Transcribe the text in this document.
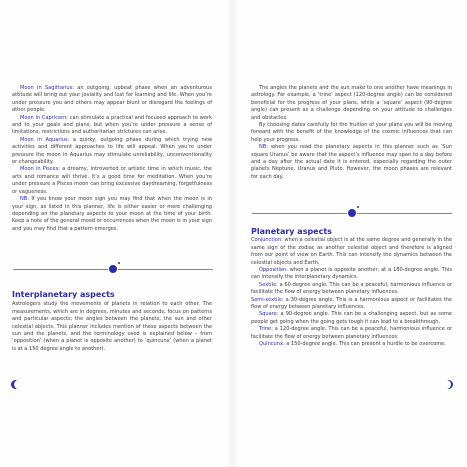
Moon in Sagittarius: an outgoing, upbeat phase when an adventurous attitude will bring out your joviality and lust for learning and life. When you’re under pressure you and others may appear blunt or disregard the feelings of other people.

Moon in Capricorn: can stimulate a practical and focused approach to work and to your goals and plans, but when you’re under pressure a sense of limitations, restrictions and authoritarian strictures can arise.

Moon in Aquarius: a quirky, outgoing phase during which trying new activities and different approaches to life will appeal. When you’re under pressure the moon in Aquarius may stimulate unreliability, unconventionality or changeability.

Moon in Pisces: a dreamy, introverted or artistic time in which music, the arts and romance will thrive. It’s a good time for meditation. When you’re under pressure a Pisces moon can bring excessive daydreaming, forgetfulness or vagueness.

NB: If you know your moon sign you may find that when the moon is in your sign, as listed in this planner, life is either easier or more challenging depending on the planetary aspects to your moon at the time of your birth. Keep a note of the general mood or occurrences when the moon is in your sign and you may find that a pattern emerges.

Interplanetary aspects

Astrologers study the movements of planets in relation to each other. The measurements, which are in degrees, minutes and seconds, focus on patterns and particular aspects; the angles between the planets, the sun and other celestial objects. This planner includes mention of these aspects between the sun and the planets, and the terminology used is explained below – from ‘opposition’ (when a planet is opposite another) to ‘quincunx’ (when a planet is at a 150 degree angle to another).

The angles the planets and the sun make to one another have meanings in astrology. For example, a ‘trine’ aspect (120-degree angle) can be considered beneficial for the progress of your plans, while a ‘square’ aspect (90-degree angle) can present as a challenge depending on your attitude to challenges and obstacles.

By choosing dates carefully for the fruition of your plans you will be moving forward with the benefit of the knowledge of the cosmic influences that can help your progress.

NB: when you read the planetary aspects in this planner such as ‘Sun square Uranus’ be aware that the aspect’s influence may span to a day before and a day after the actual date it is entered, especially regarding the outer planets Neptune, Uranus and Pluto. However, the moon phases are relevant for each day.

Planetary aspects

Conjunction: when a celestial object is at the same degree and generally in the same sign of the zodiac as another celestial object and therefore is aligned from our point of view on Earth. This can intensify the dynamics between the celestial objects and Earth.

Opposition: when a planet is opposite another, at a 180-degree angle. This can intensify the interplanetary dynamics.

Sextile: a 60-degree angle. This can be a peaceful, harmonious influence or facilitate the flow of energy between planetary influences.

Semi-sextile: a 30-degree angle. This is a harmonious aspect or facilitates the flow of energy between planetary influences.

Square: a 90-degree angle. This can be a challenging aspect, but as some people get going when the going gets tough it can lead to a breakthrough.

Trine: a 120-degree angle. This can be a peaceful, harmonious influence or facilitate the flow of energy between planetary influences.

Quincunx: a 150-degree angle. This can present a hurdle to be overcome.
